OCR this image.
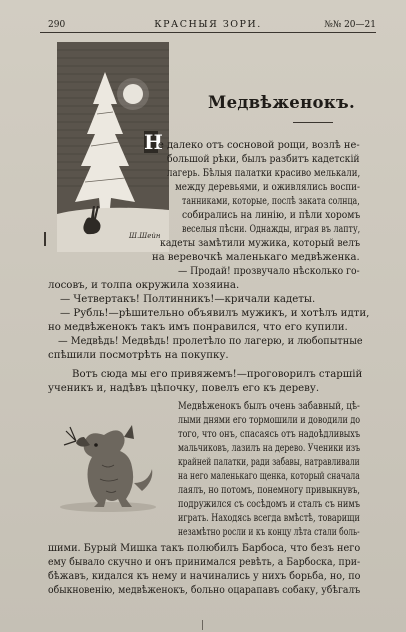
290	КРАСНЫЯ ЗОРИ.	№№ 20—21
Ш.Шейн
Медвѣженокъ.
Н
е далеко отъ сосновой рощи, возлѣ не-
большой рѣки, былъ разбитъ кадетскій
лагерь. Бѣлыя палатки красиво мелькали,
между деревьями, и оживлялись воспи-
танниками, которые, послѣ заката солнца,
собирались на линію, и пѣли хоромъ
веселыя пѣсни. Однажды, играя въ лапту,
кадеты замѣтили мужика, который велъ
на веревочкѣ маленькаго медвѣженка.
— Продай! прозвучало нѣсколько го-
лосовъ, и толпа окружила хозяина.
— Четвертакъ! Полтинникъ!—кричали кадеты.
— Рубль!—рѣшительно объявилъ мужикъ, и хотѣлъ идти,
но медвѣженокъ такъ имъ понравился, что его купили.
— Медвѣдь! Медвѣдь! пролетѣло по лагерю, и любопытные
спѣшили посмотрѣть на покупку.
Вотъ сюда мы его привяжемъ!—проговорилъ старшій
ученикъ и, надѣвъ цѣпочку, повелъ его къ дереву.
Медвѣженокъ былъ очень забавный, цѣ-
лыми днями его тормошили и доводили до
того, что онъ, спасаясь отъ надоѣдливыхъ
мальчиковъ, лазилъ на дерево. Ученики изъ
крайней палатки, ради забавы, натравливали
на него маленькаго щенка, который сначала
лаялъ, но потомъ, понемногу привыкнувъ,
подружился съ сосѣдомъ и сталъ съ нимъ
играть. Находясь всегда вмѣстѣ, товарищи
незамѣтно росли и къ концу лѣта стали боль-
шими. Бурый Мишка такъ полюбилъ Барбоса, что безъ него
ему бывало скучно и онъ принимался ревѣть, а Барбоска, при-
бѣжавъ, кидался къ нему и начинались у нихъ борьба, но, по
обыкновенію, медвѣженокъ, больно оцарапавъ собаку, убѣгалъ
